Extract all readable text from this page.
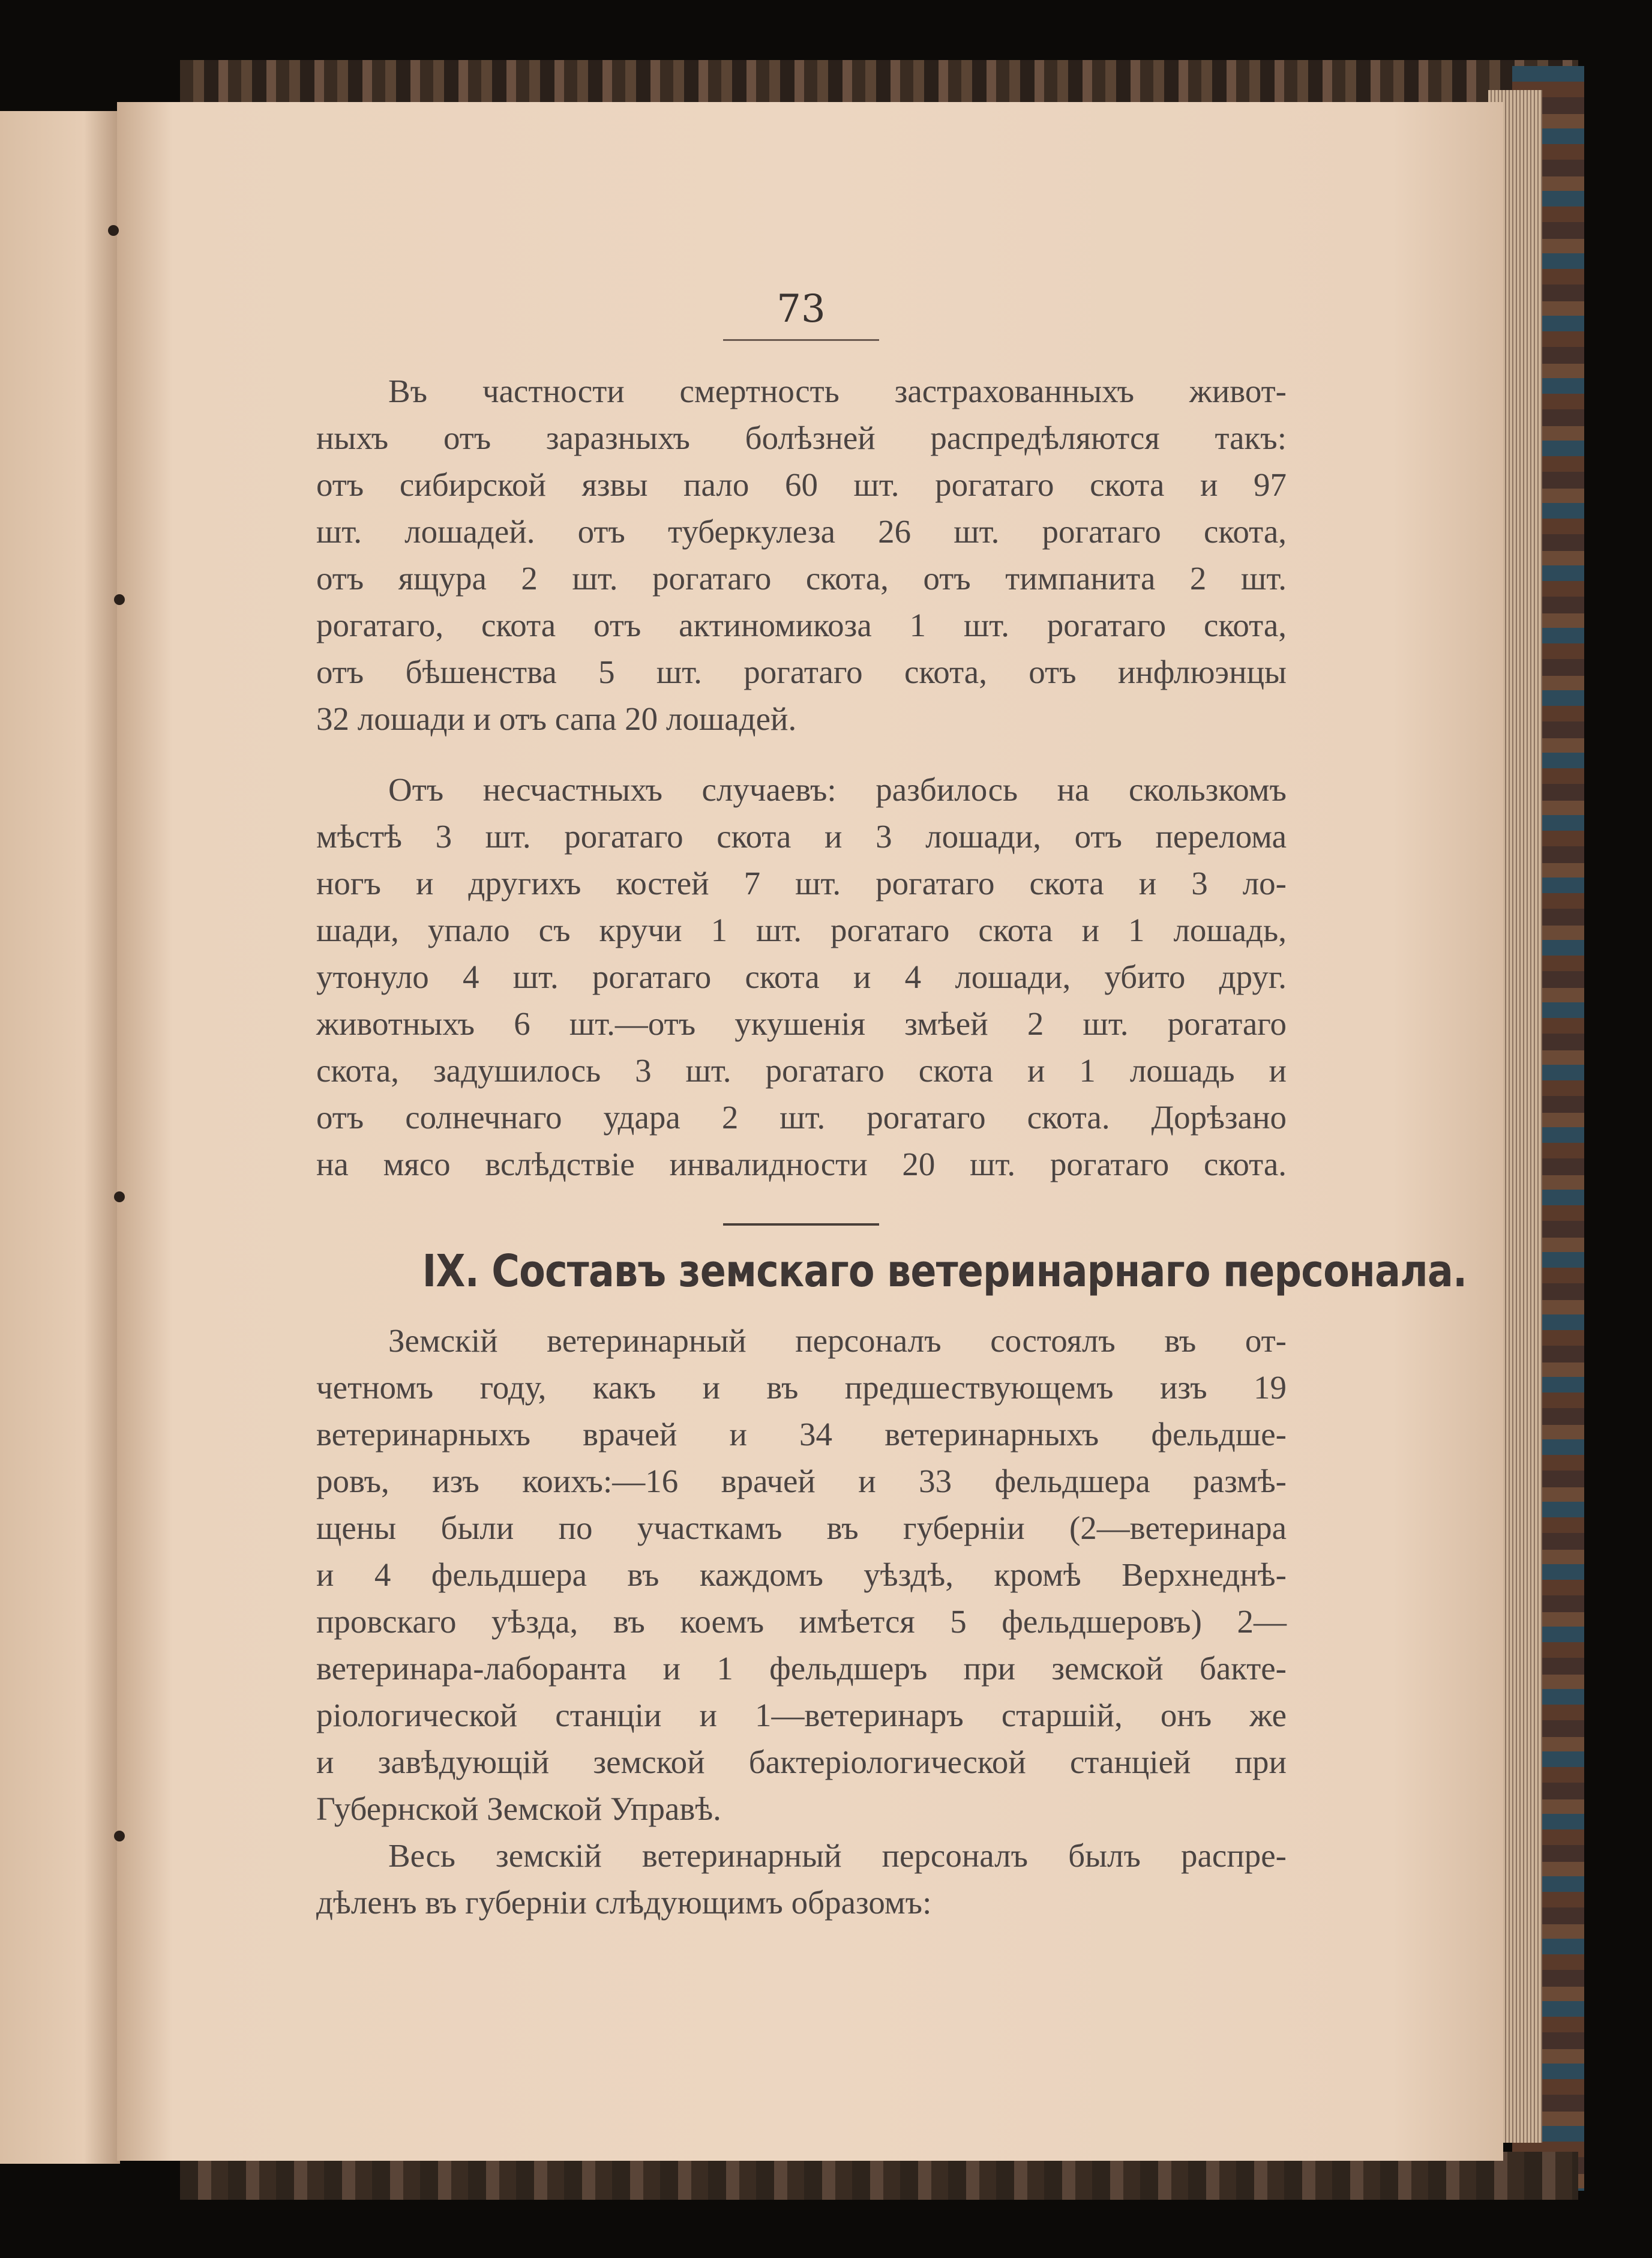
73
Въ частности смертность застрахованныхъ живот-
ныхъ отъ заразныхъ болѣзней распредѣляются такъ:
отъ сибирской язвы пало 60 шт. рогатаго скота и 97
шт. лошадей. отъ туберкулеза 26 шт. рогатаго скота,
отъ ящура 2 шт. рогатаго скота, отъ тимпанита 2 шт.
рогатаго, скота отъ актиномикоза 1 шт. рогатаго скота,
отъ бѣшенства 5 шт. рогатаго скота, отъ инфлюэнцы
32 лошади и отъ сапа 20 лошадей.
Отъ несчастныхъ случаевъ: разбилось на скользкомъ
мѣстѣ 3 шт. рогатаго скота и 3 лошади, отъ перелома
ногъ и другихъ костей 7 шт. рогатаго скота и 3 ло-
шади, упало съ кручи 1 шт. рогатаго скота и 1 лошадь,
утонуло 4 шт. рогатаго скота и 4 лошади, убито друг.
животныхъ 6 шт.—отъ укушенія змѣей 2 шт. рогатаго
скота, задушилось 3 шт. рогатаго скота и 1 лошадь и
отъ солнечнаго удара 2 шт. рогатаго скота. Дорѣзано
на мясо вслѣдствіе инвалидности 20 шт. рогатаго скота.
IX. Составъ земскаго ветеринарнаго персонала.
Земскій ветеринарный персоналъ состоялъ въ от-
четномъ году, какъ и въ предшествующемъ изъ 19
ветеринарныхъ врачей и 34 ветеринарныхъ фельдше-
ровъ, изъ коихъ:—16 врачей и 33 фельдшера размѣ-
щены были по участкамъ въ губерніи (2—ветеринара
и 4 фельдшера въ каждомъ уѣздѣ, кромѣ Верхнеднѣ-
провскаго уѣзда, въ коемъ имѣется 5 фельдшеровъ) 2—
ветеринара-лаборанта и 1 фельдшеръ при земской бакте-
ріологической станціи и 1—ветеринаръ старшій, онъ же
и завѣдующій земской бактеріологической станціей при
Губернской Земской Управѣ.
Весь земскій ветеринарный персоналъ былъ распре-
дѣленъ въ губерніи слѣдующимъ образомъ:
